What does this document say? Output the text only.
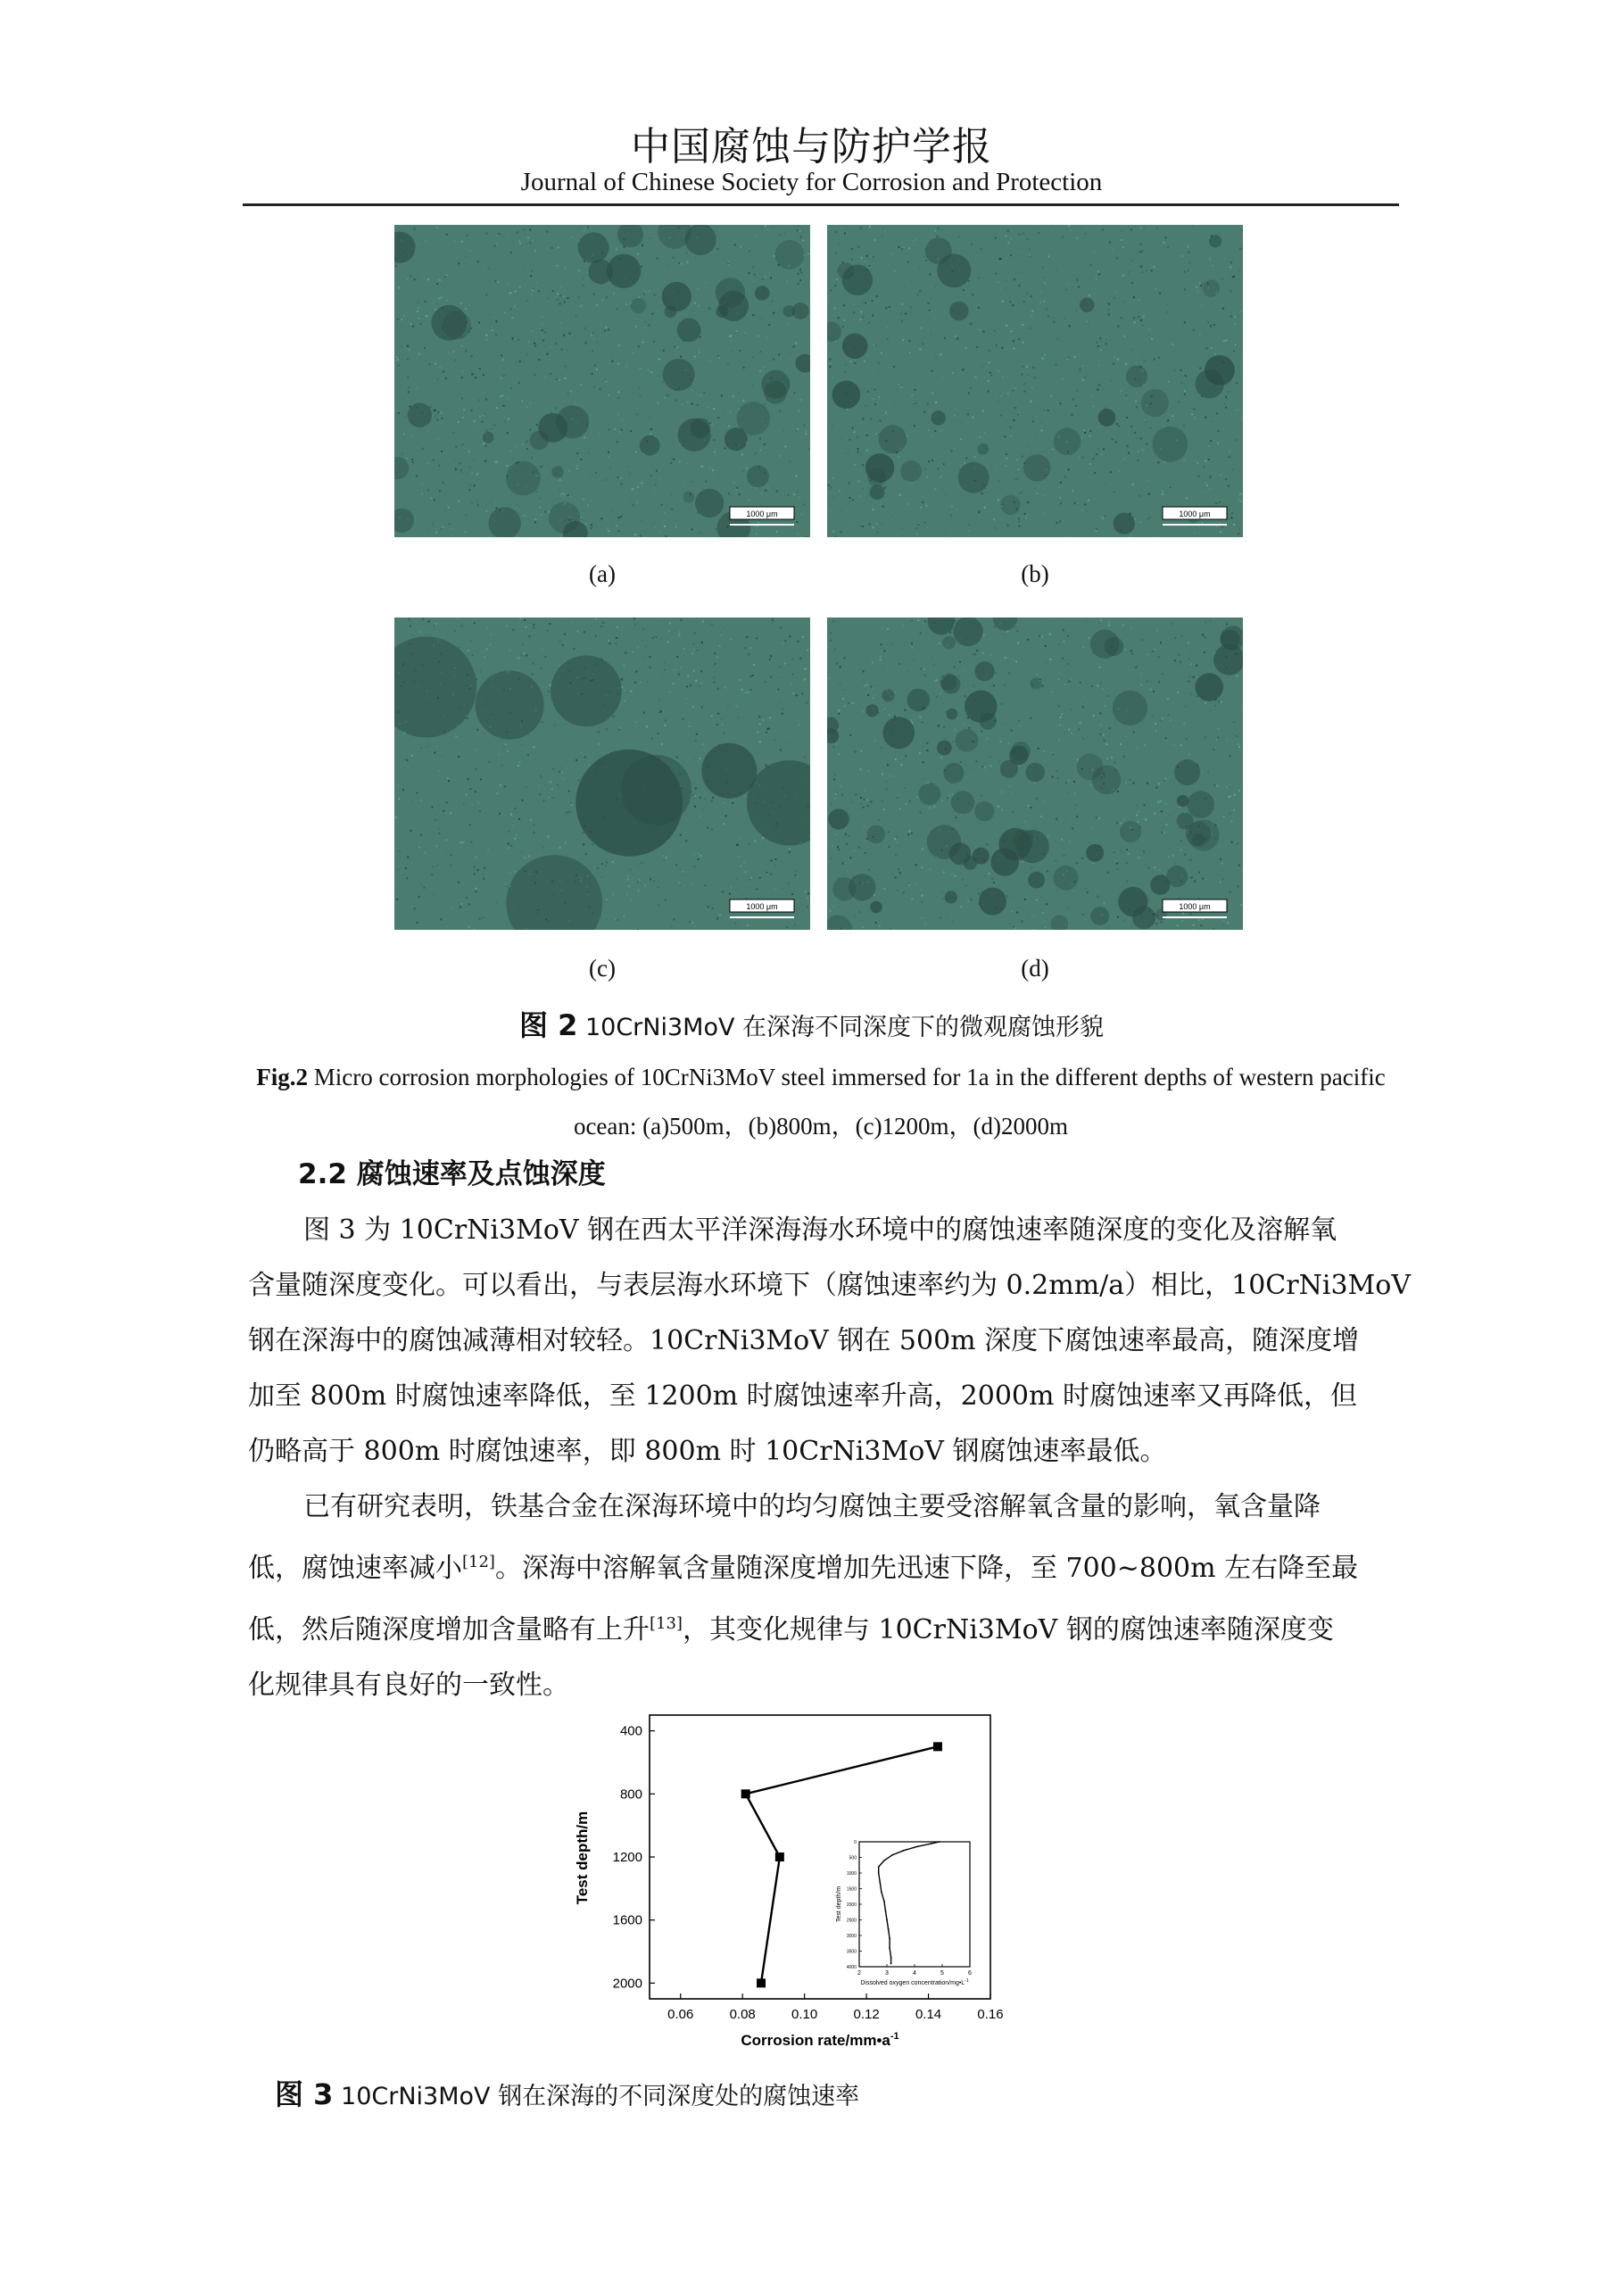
中国腐蚀与防护学报
Journal of Chinese Society for Corrosion and Protection
1000 μm	1000 μm
(a)	(b)
1000 μm	1000 μm
(c)	(d)
图 2 10CrNi3MoV 在深海不同深度下的微观腐蚀形貌
Fig.2 Micro corrosion morphologies of 10CrNi3MoV steel immersed for 1a in the different depths of western pacific ocean: (a)500m，(b)800m，(c)1200m，(d)2000m
2.2 腐蚀速率及点蚀深度
图 3 为 10CrNi3MoV 钢在西太平洋深海海水环境中的腐蚀速率随深度的变化及溶解氧
含量随深度变化。可以看出，与表层海水环境下（腐蚀速率约为 0.2mm/a）相比，10CrNi3MoV
钢在深海中的腐蚀减薄相对较轻。10CrNi3MoV 钢在 500m 深度下腐蚀速率最高，随深度增
加至 800m 时腐蚀速率降低，至 1200m 时腐蚀速率升高，2000m 时腐蚀速率又再降低，但
仍略高于 800m 时腐蚀速率，即 800m 时 10CrNi3MoV 钢腐蚀速率最低。
已有研究表明，铁基合金在深海环境中的均匀腐蚀主要受溶解氧含量的影响，氧含量降
低，腐蚀速率减小[12]。深海中溶解氧含量随深度增加先迅速下降，至 700~800m 左右降至最
低，然后随深度增加含量略有上升[13]，其变化规律与 10CrNi3MoV 钢的腐蚀速率随深度变
化规律具有良好的一致性。
0.06	0.08	0.10	0.12	0.14	0.16
400
800
1200
1600
2000
Corrosion rate/$mm•a^{-1}$
Test depth/m
2	3	4	5	6
0
500
1000
1500
2000
2500
3000
3500
4000
Dissolved oxygen concentration/$mg•L^{-1}$
Test depth/m
图 3 10CrNi3MoV 钢在深海的不同深度处的腐蚀速率
